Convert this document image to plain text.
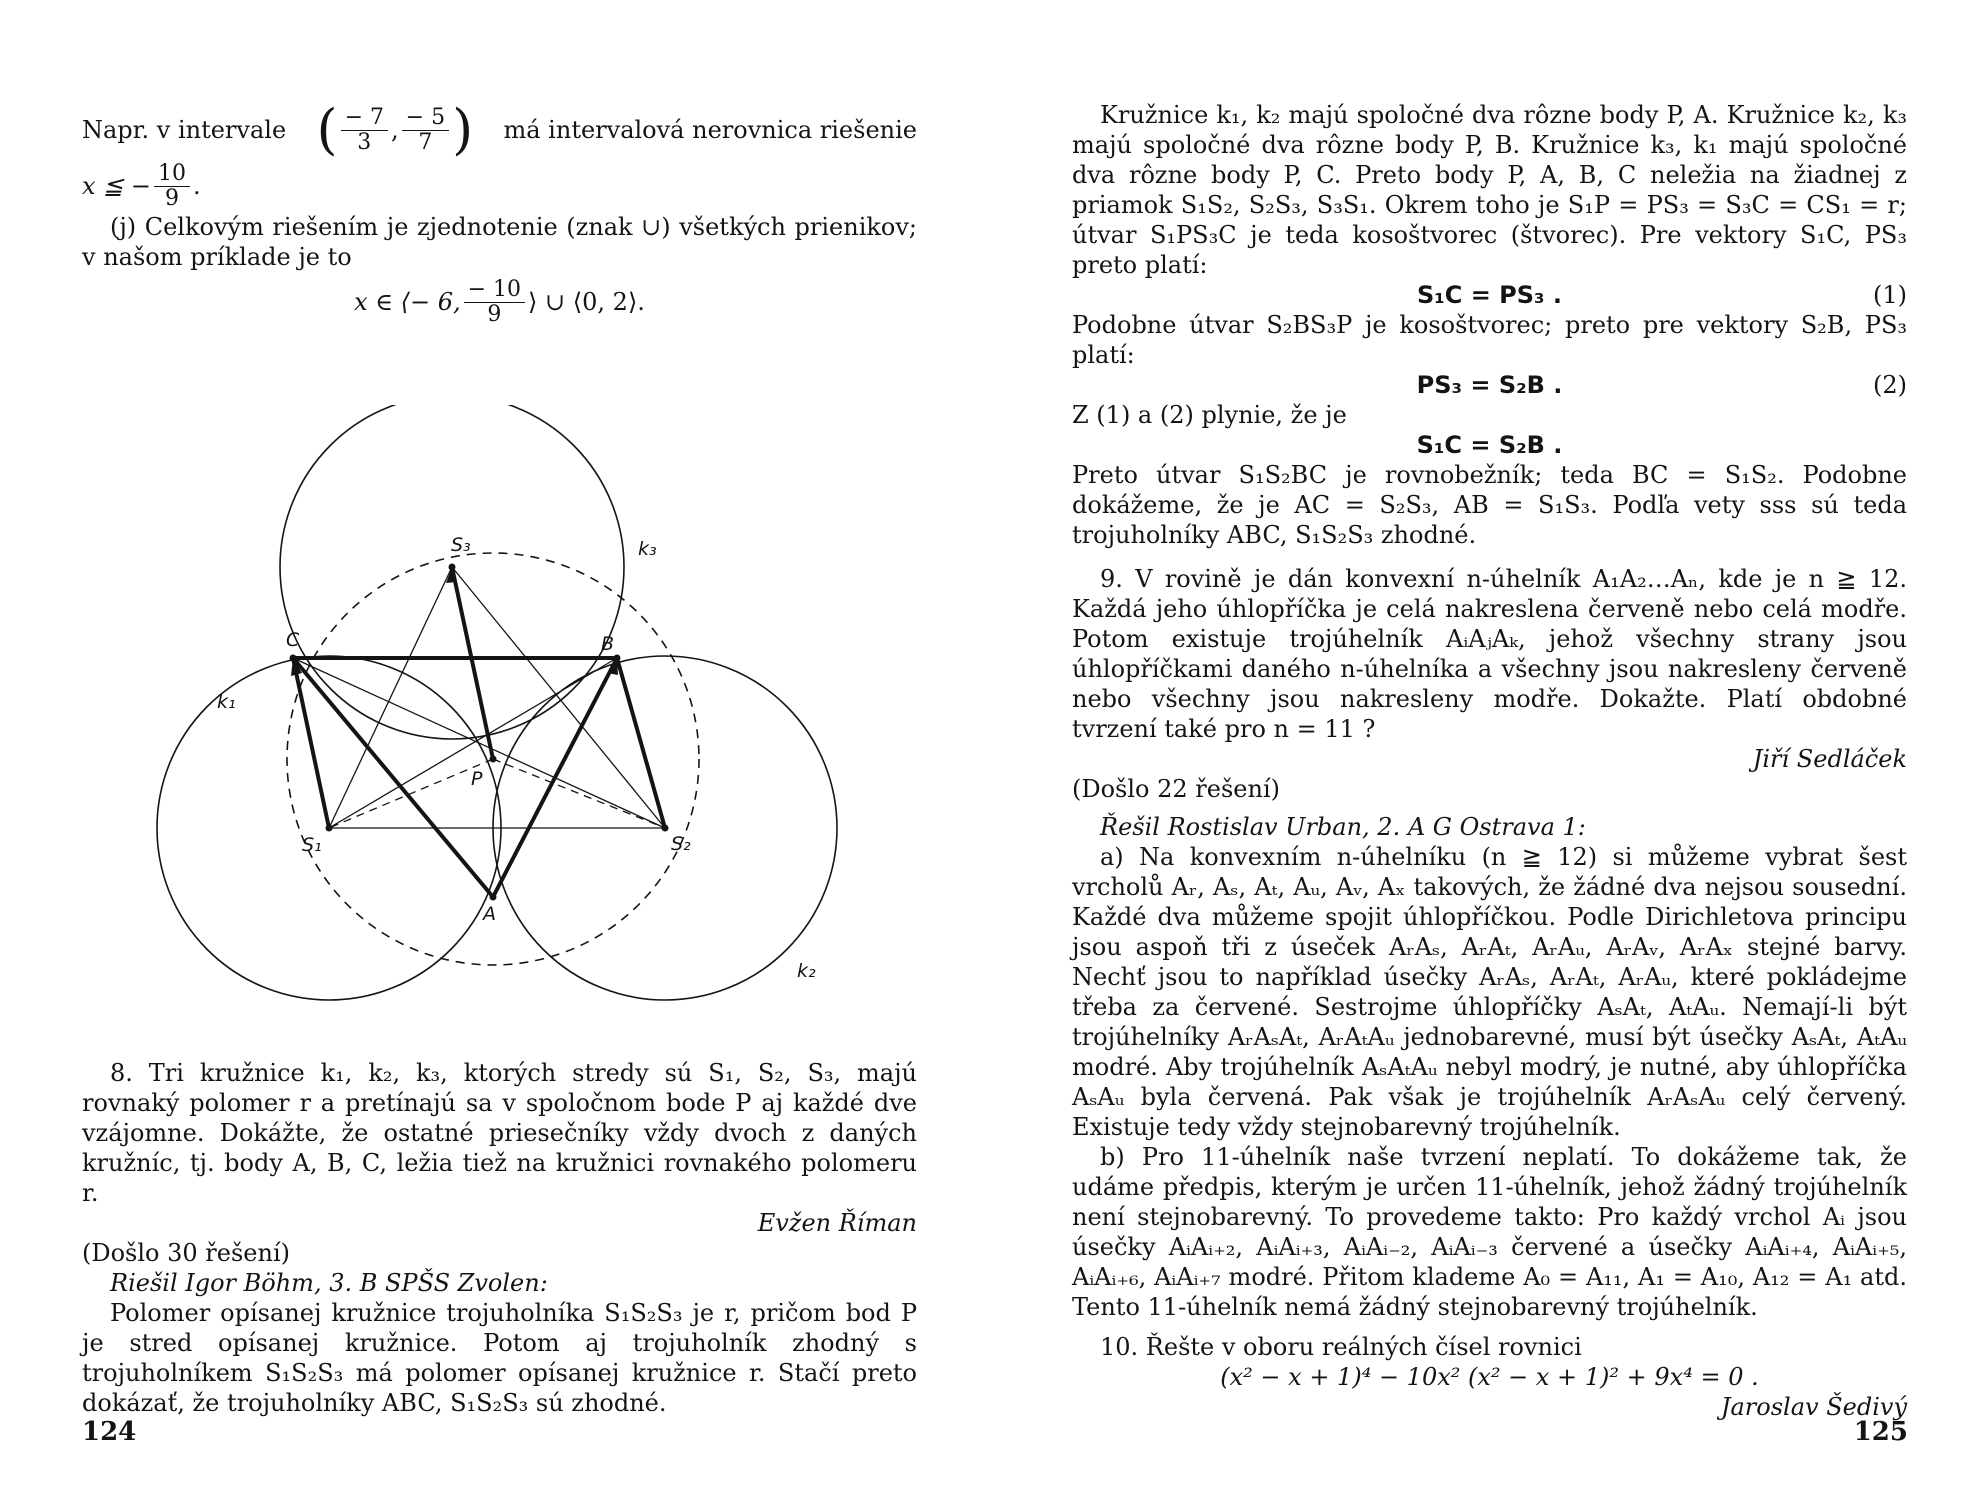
Napr. v intervale ( $\frac{- 7}{3}$ , $\frac{- 5}{7}$ ) má intervalová nerovnica riešenie

x ≦ − $\frac{10}{9}$ .

(j) Celkovým riešením je zjednotenie (znak ∪) všetkých prienikov; v našom príklade je to

x ∈ ⟨− 6, $\frac{- 10}{9}$ ⟩ ∪ ⟨0, 2⟩.

S₃	k₃
C	B
k₁
P
S₁	S₂
A
k₂

8. Tri kružnice k₁, k₂, k₃, ktorých stredy sú S₁, S₂, S₃, majú rovnaký polomer r a pretínajú sa v spoločnom bode P aj každé dve vzájomne. Dokážte, že ostatné priesečníky vždy dvoch z daných kružníc, tj. body A, B, C, ležia tiež na kružnici rovnakého polomeru r.

Evžen Říman

(Došlo 30 řešení)

Riešil Igor Böhm, 3. B SPŠS Zvolen:

Polomer opísanej kružnice trojuholníka S₁S₂S₃ je r, pričom bod P je stred opísanej kružnice. Potom aj trojuholník zhodný s trojuholníkem S₁S₂S₃ má polomer opísanej kružnice r. Stačí preto dokázať, že trojuholníky ABC, S₁S₂S₃ sú zhodné.

124

Kružnice k₁, k₂ majú spoločné dva rôzne body P, A. Kružnice k₂, k₃ majú spoločné dva rôzne body P, B. Kružnice k₃, k₁ majú spoločné dva rôzne body P, C. Preto body P, A, B, C neležia na žiadnej z priamok S₁S₂, S₂S₃, S₃S₁. Okrem toho je S₁P = PS₃ = S₃C = CS₁ = r; útvar S₁PS₃C je teda kosoštvorec (štvorec). Pre vektory S₁C, PS₃ preto platí:

S₁C = PS₃ .	(1)

Podobne útvar S₂BS₃P je kosoštvorec; preto pre vektory S₂B, PS₃ platí:

PS₃ = S₂B .	(2)

Z (1) a (2) plynie, že je

S₁C = S₂B .

Preto útvar S₁S₂BC je rovnobežník; teda BC = S₁S₂. Podobne dokážeme, že je AC = S₂S₃, AB = S₁S₃. Podľa vety sss sú teda trojuholníky ABC, S₁S₂S₃ zhodné.

9. V rovině je dán konvexní n-úhelník A₁A₂…Aₙ, kde je n ≧ 12. Každá jeho úhlopříčka je celá nakreslena červeně nebo celá modře. Potom existuje trojúhelník AᵢAⱼAₖ, jehož všechny strany jsou úhlopříčkami daného n-úhelníka a všechny jsou nakresleny červeně nebo všechny jsou nakresleny modře. Dokažte. Platí obdobné tvrzení také pro n = 11 ?

Jiří Sedláček

(Došlo 22 řešení)

Řešil Rostislav Urban, 2. A G Ostrava 1:

a) Na konvexním n-úhelníku (n ≧ 12) si můžeme vybrat šest vrcholů Aᵣ, Aₛ, Aₜ, Aᵤ, Aᵥ, Aₓ takových, že žádné dva nejsou sousední. Každé dva můžeme spojit úhlopříčkou. Podle Dirichletova principu jsou aspoň tři z úseček AᵣAₛ, AᵣAₜ, AᵣAᵤ, AᵣAᵥ, AᵣAₓ stejné barvy. Nechť jsou to například úsečky AᵣAₛ, AᵣAₜ, AᵣAᵤ, které pokládejme třeba za červené. Sestrojme úhlopříčky AₛAₜ, AₜAᵤ. Nemají-li být trojúhelníky AᵣAₛAₜ, AᵣAₜAᵤ jednobarevné, musí být úsečky AₛAₜ, AₜAᵤ modré. Aby trojúhelník AₛAₜAᵤ nebyl modrý, je nutné, aby úhlopříčka AₛAᵤ byla červená. Pak však je trojúhelník AᵣAₛAᵤ celý červený. Existuje tedy vždy stejnobarevný trojúhelník.

b) Pro 11-úhelník naše tvrzení neplatí. To dokážeme tak, že udáme předpis, kterým je určen 11-úhelník, jehož žádný trojúhelník není stejnobarevný. To provedeme takto: Pro každý vrchol Aᵢ jsou úsečky AᵢAᵢ₊₂, AᵢAᵢ₊₃, AᵢAᵢ₋₂, AᵢAᵢ₋₃ červené a úsečky AᵢAᵢ₊₄, AᵢAᵢ₊₅, AᵢAᵢ₊₆, AᵢAᵢ₊₇ modré. Přitom klademe A₀ = A₁₁, A₁ = A₁₀, A₁₂ = A₁ atd. Tento 11-úhelník nemá žádný stejnobarevný trojúhelník.

10. Řešte v oboru reálných čísel rovnici

(x² − x + 1)⁴ − 10x² (x² − x + 1)² + 9x⁴ = 0 .

Jaroslav Šedivý

125
